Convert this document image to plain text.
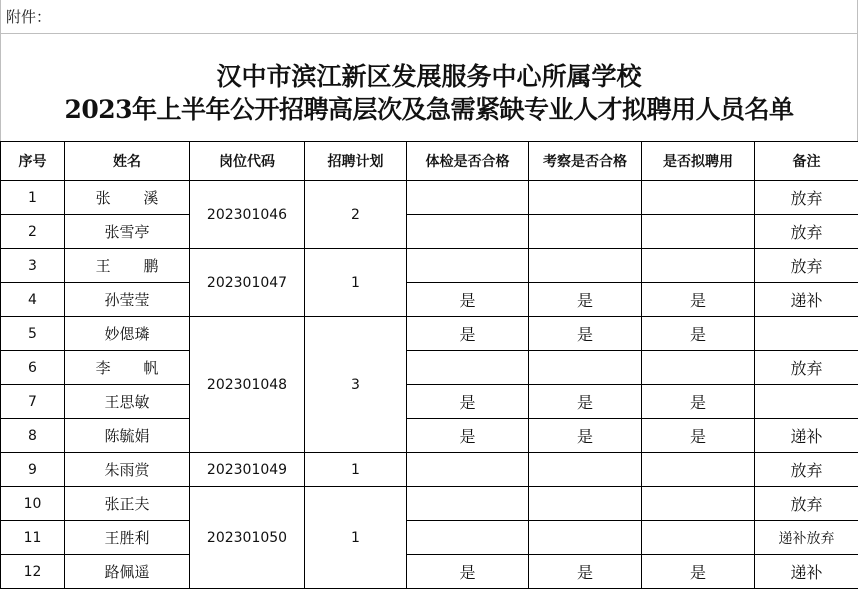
附件：
汉中市滨江新区发展服务中心所属学校
2023年上半年公开招聘高层次及急需紧缺专业人才拟聘用人员名单
序号	姓名	岗位代码	招聘计划	体检是否合格	考察是否合格	是否拟聘用	备注
1	张 溪	202301046	2				放弃
2	张雪亭						放弃
3	王 鹏	202301047	1				放弃
4	孙莹莹			是	是	是	递补
5	妙偲璘	202301048	3	是	是	是	
6	李 帆						放弃
7	王思敏			是	是	是	
8	陈毓娟			是	是	是	递补
9	朱雨赏	202301049	1				放弃
10	张正夫	202301050	1				放弃
11	王胜利						递补放弃
12	路佩遥			是	是	是	递补
